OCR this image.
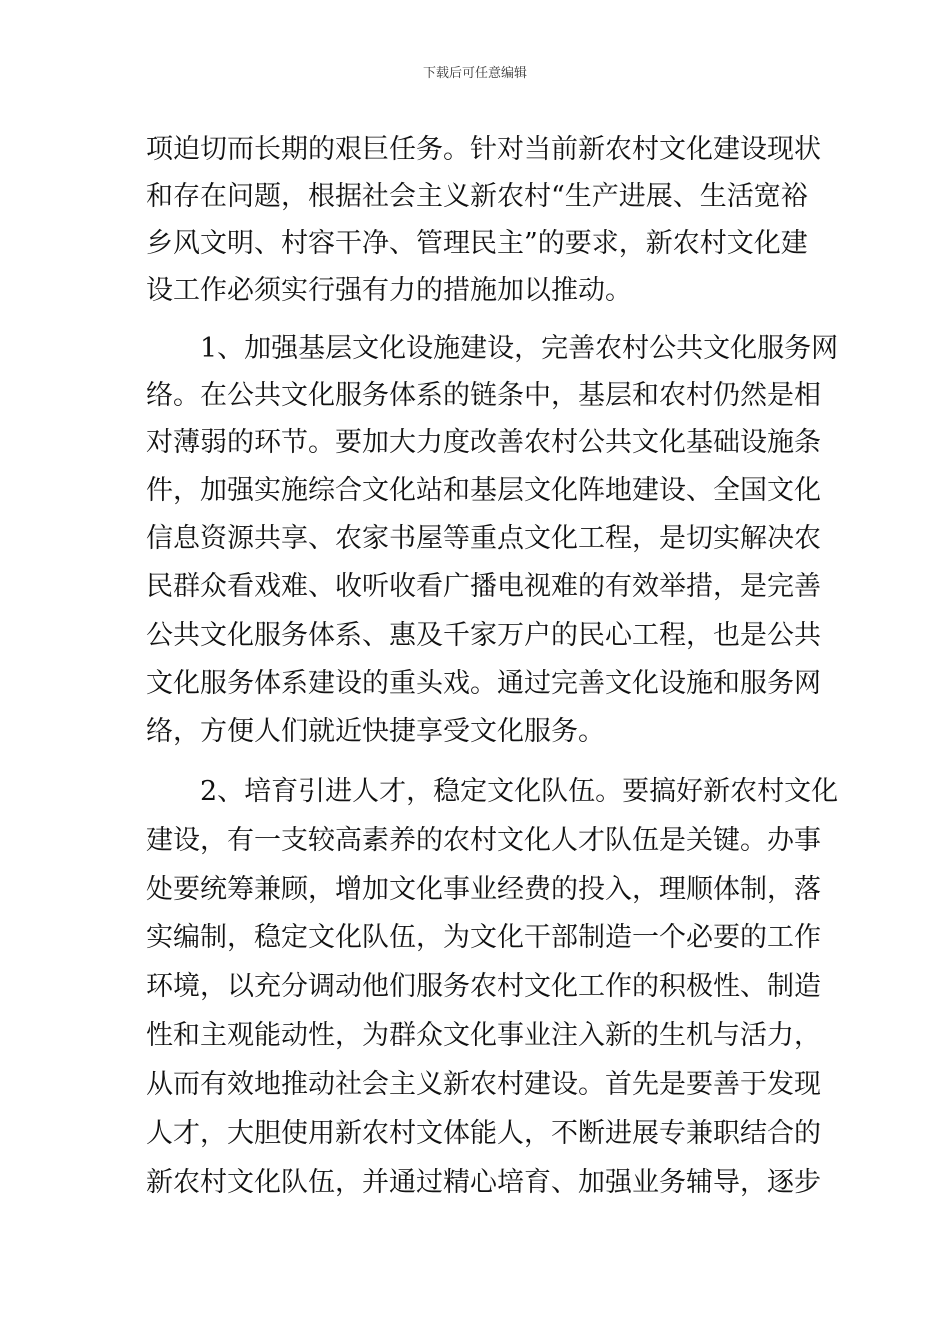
下载后可任意编辑
项迫切而长期的艰巨任务。针对当前新农村文化建设现状
和存在问题，根据社会主义新农村“生产进展、生活宽裕
乡风文明、村容干净、管理民主”的要求，新农村文化建
设工作必须实行强有力的措施加以推动。
1、加强基层文化设施建设，完善农村公共文化服务网
络。在公共文化服务体系的链条中，基层和农村仍然是相
对薄弱的环节。要加大力度改善农村公共文化基础设施条
件，加强实施综合文化站和基层文化阵地建设、全国文化
信息资源共享、农家书屋等重点文化工程，是切实解决农
民群众看戏难、收听收看广播电视难的有效举措，是完善
公共文化服务体系、惠及千家万户的民心工程，也是公共
文化服务体系建设的重头戏。通过完善文化设施和服务网
络，方便人们就近快捷享受文化服务。
2、培育引进人才，稳定文化队伍。要搞好新农村文化
建设，有一支较高素养的农村文化人才队伍是关键。办事
处要统筹兼顾，增加文化事业经费的投入，理顺体制，落
实编制，稳定文化队伍，为文化干部制造一个必要的工作
环境，以充分调动他们服务农村文化工作的积极性、制造
性和主观能动性，为群众文化事业注入新的生机与活力，
从而有效地推动社会主义新农村建设。首先是要善于发现
人才，大胆使用新农村文体能人，不断进展专兼职结合的
新农村文化队伍，并通过精心培育、加强业务辅导，逐步
